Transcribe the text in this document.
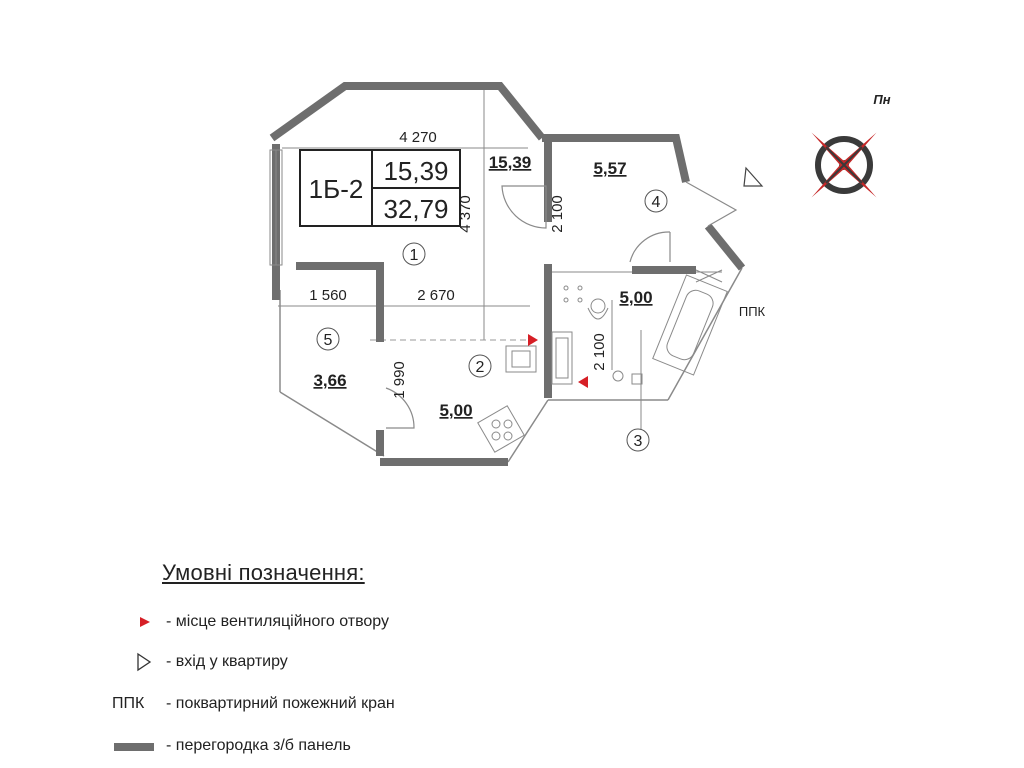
1Б-2
15,39
32,79
4 270
4 370	2 100
1 560	2 670
2 100
1 990
15,39	5,57
5,00
3,66
5,00
1
4
5
2
3
ППК
Пн
Умовні позначення:
- місце вентиляційного отвору
- вхід у квартиру
ППК - поквартирний пожежний кран
- перегородка з/б панель
